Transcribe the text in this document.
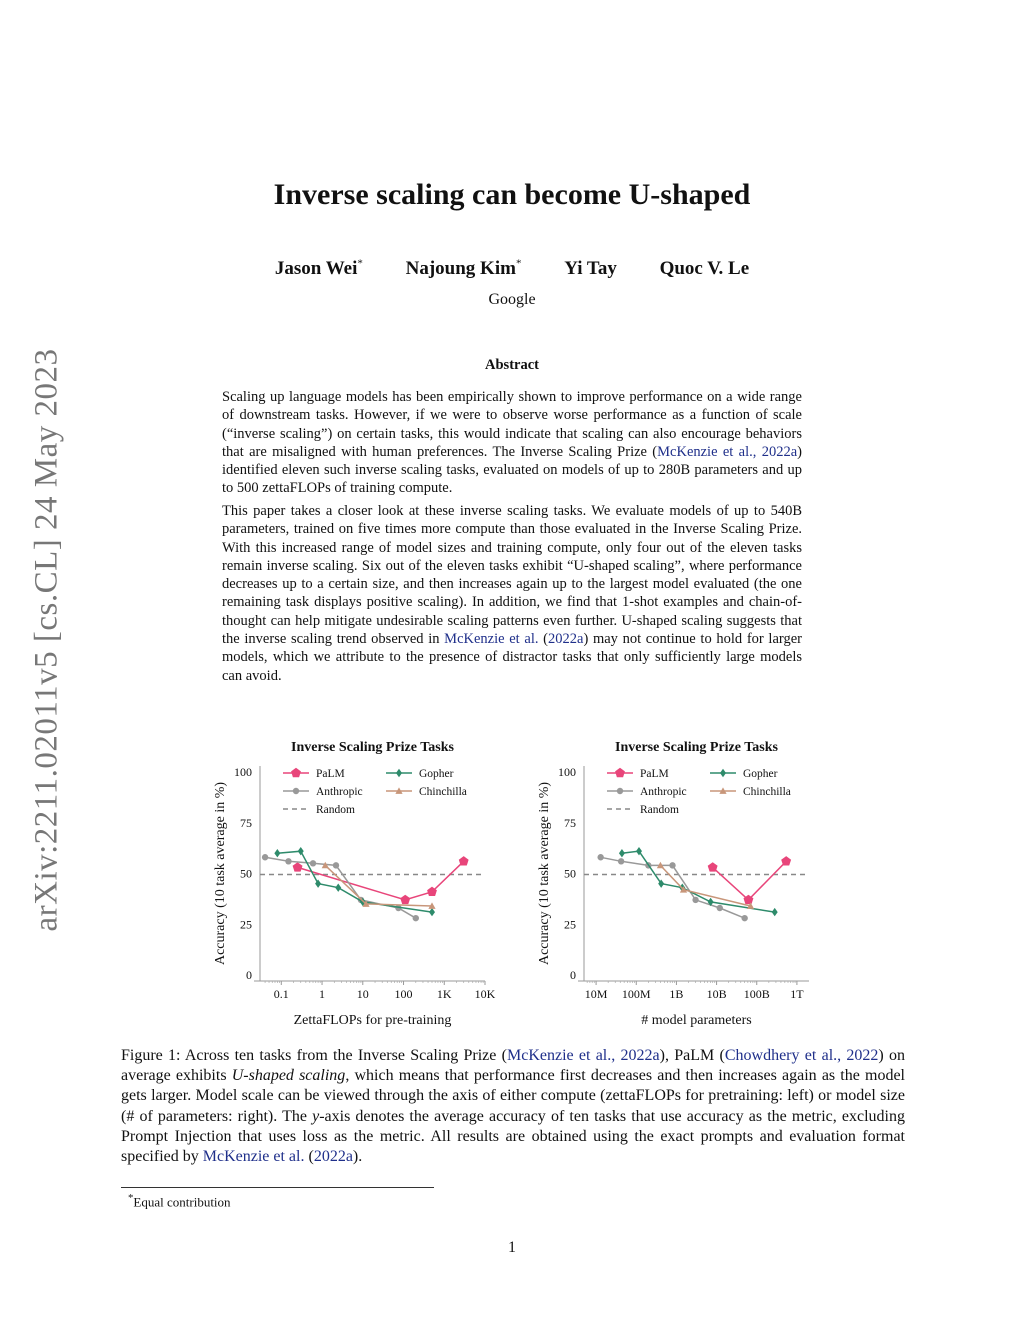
arXiv:2211.02011v5 [cs.CL] 24 May 2023
Inverse scaling can become U-shaped
Jason Wei* Najoung Kim* Yi Tay Quoc V. Le
Google
Abstract
Scaling up language models has been empirically shown to improve performance on a wide range of downstream tasks. However, if we were to observe worse performance as a function of scale (“inverse scaling”) on certain tasks, this would indicate that scaling can also encourage behaviors that are misaligned with human preferences. The Inverse Scaling Prize (McKenzie et al., 2022a) identified eleven such inverse scaling tasks, evaluated on models of up to 280B parameters and up to 500 zettaFLOPs of training compute.
This paper takes a closer look at these inverse scaling tasks. We evaluate models of up to 540B parameters, trained on five times more compute than those evaluated in the Inverse Scaling Prize. With this increased range of model sizes and training compute, only four out of the eleven tasks remain inverse scaling. Six out of the eleven tasks exhibit “U-shaped scaling”, where performance decreases up to a certain size, and then increases again up to the largest model evaluated (the one remaining task displays positive scaling). In addition, we find that 1-shot examples and chain-of-thought can help mitigate undesirable scaling patterns even further. U-shaped scaling suggests that the inverse scaling trend observed in McKenzie et al. (2022a) may not continue to hold for larger models, which we attribute to the presence of distractor tasks that only sufficiently large models can avoid.
Inverse Scaling Prize Tasks
ZettaFLOPs for pre-training
Accuracy (10 task average in %)
0
25
50
75
100
0.1	1	10 100 1K 10K
PaLM	Gopher
Anthropic	Chinchilla
Random
Inverse Scaling Prize Tasks
# model parameters
Accuracy (10 task average in %)
0
25
50
75
100
10M 100M 1B 10B 100B 1T
PaLM	Gopher
Anthropic	Chinchilla
Random
Figure 1: Across ten tasks from the Inverse Scaling Prize (McKenzie et al., 2022a), PaLM (Chowdhery et al., 2022) on average exhibits U-shaped scaling, which means that performance first decreases and then increases again as the model gets larger. Model scale can be viewed through the axis of either compute (zettaFLOPs for pretraining: left) or model size (# of parameters: right). The y-axis denotes the average accuracy of ten tasks that use accuracy as the metric, excluding Prompt Injection that uses loss as the metric. All results are obtained using the exact prompts and evaluation format specified by McKenzie et al. (2022a).
*Equal contribution
1
